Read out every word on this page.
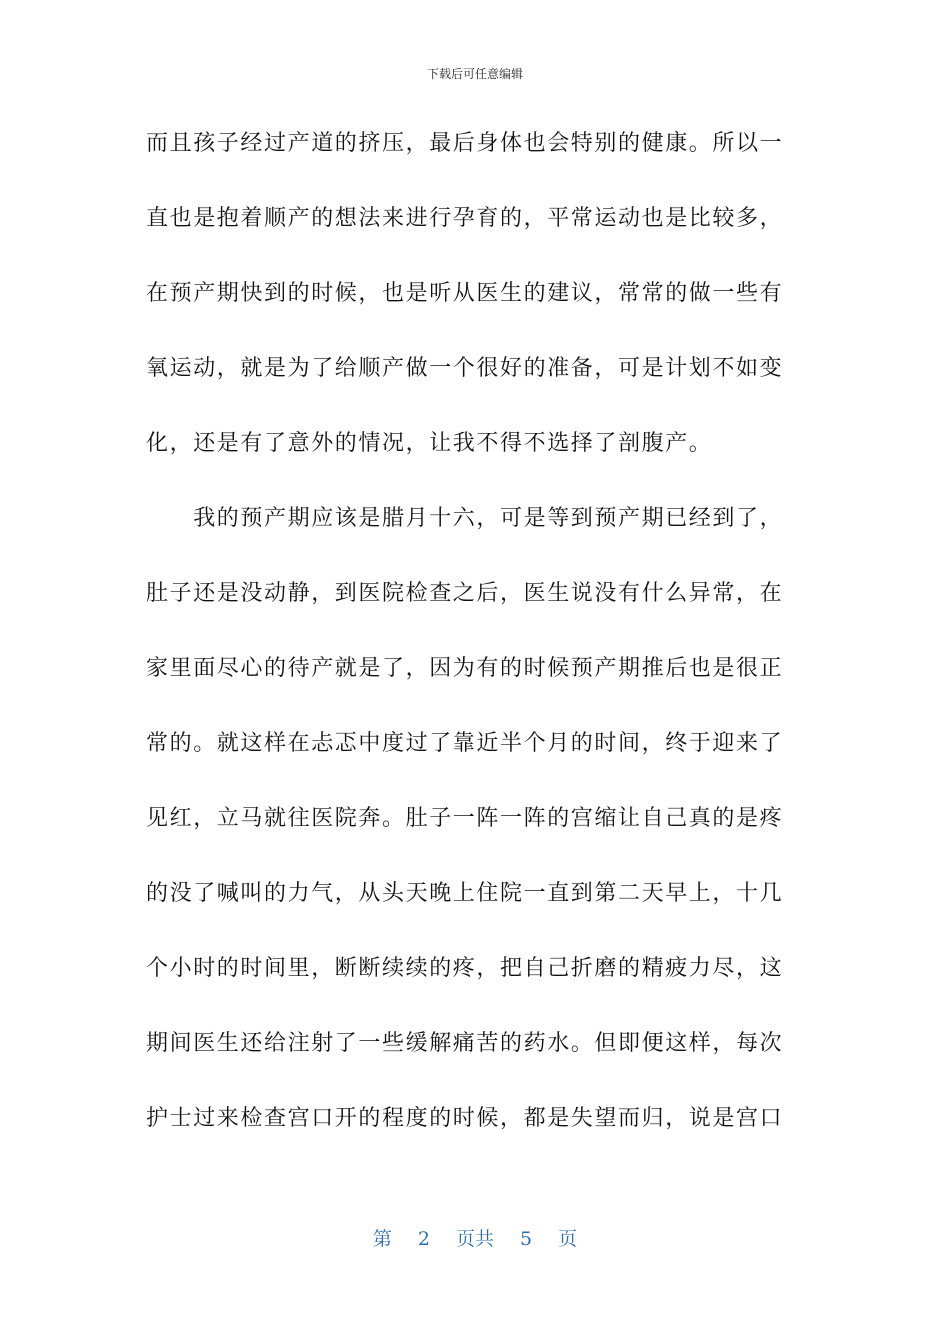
下载后可任意编辑
而且孩子经过产道的挤压，最后身体也会特别的健康。所以一
直也是抱着顺产的想法来进行孕育的，平常运动也是比较多，
在预产期快到的时候，也是听从医生的建议，常常的做一些有
氧运动，就是为了给顺产做一个很好的准备，可是计划不如变
化，还是有了意外的情况，让我不得不选择了剖腹产。
　　我的预产期应该是腊月十六，可是等到预产期已经到了，
肚子还是没动静，到医院检查之后，医生说没有什么异常，在
家里面尽心的待产就是了，因为有的时候预产期推后也是很正
常的。就这样在忐忑中度过了靠近半个月的时间，终于迎来了
见红，立马就往医院奔。肚子一阵一阵的宫缩让自己真的是疼
的没了喊叫的力气，从头天晚上住院一直到第二天早上，十几
个小时的时间里，断断续续的疼，把自己折磨的精疲力尽，这
期间医生还给注射了一些缓解痛苦的药水。但即便这样，每次
护士过来检查宫口开的程度的时候，都是失望而归，说是宫口
第 2 页共 5 页
